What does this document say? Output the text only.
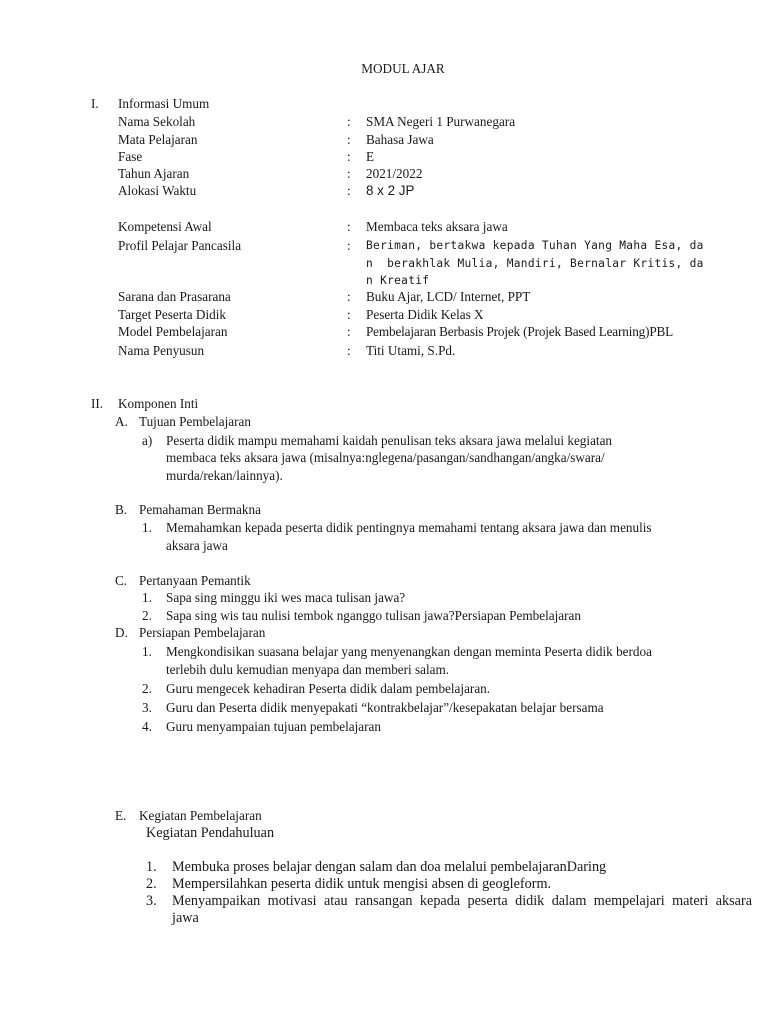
MODUL AJAR
I. Informasi Umum
Nama Sekolah	: SMA Negeri 1 Purwanegara
Mata Pelajaran	: Bahasa Jawa
Fase	: E
Tahun Ajaran	: 2021/2022
Alokasi Waktu	: 8 x 2 JP
Kompetensi Awal	: Membaca teks aksara jawa
Profil Pelajar Pancasila	: Beriman, bertakwa kepada Tuhan Yang Maha Esa, da
n  berakhlak Mulia, Mandiri, Bernalar Kritis, da
n Kreatif
Sarana dan Prasarana	: Buku Ajar, LCD/ Internet, PPT
Target Peserta Didik	: Peserta Didik Kelas X
Model Pembelajaran	: Pembelajaran Berbasis Projek (Projek Based Learning)PBL
Nama Penyusun	: Titi Utami, S.Pd.
II. Komponen Inti
A. Tujuan Pembelajaran
a) Peserta didik mampu memahami kaidah penulisan teks aksara jawa melalui kegiatan
membaca teks aksara jawa (misalnya:nglegena/pasangan/sandhangan/angka/swara/
murda/rekan/lainnya).
B. Pemahaman Bermakna
1. Memahamkan kepada peserta didik pentingnya memahami tentang aksara jawa dan menulis
aksara jawa
C. Pertanyaan Pemantik
1. Sapa sing minggu iki wes maca tulisan jawa?
2. Sapa sing wis tau nulisi tembok nganggo tulisan jawa?Persiapan Pembelajaran
D. Persiapan Pembelajaran
1. Mengkondisikan suasana belajar yang menyenangkan dengan meminta Peserta didik berdoa
terlebih dulu kemudian menyapa dan memberi salam.
2. Guru mengecek kehadiran Peserta didik dalam pembelajaran.
3. Guru dan Peserta didik menyepakati “kontrakbelajar”/kesepakatan belajar bersama
4. Guru menyampaian tujuan pembelajaran
E. Kegiatan Pembelajaran
Kegiatan Pendahuluan
1. Membuka proses belajar dengan salam dan doa melalui pembelajaranDaring
2. Mempersilahkan peserta didik untuk mengisi absen di geogleform.
3. Menyampaikan motivasi atau ransangan kepada peserta didik dalam mempelajari materi aksara jawa
